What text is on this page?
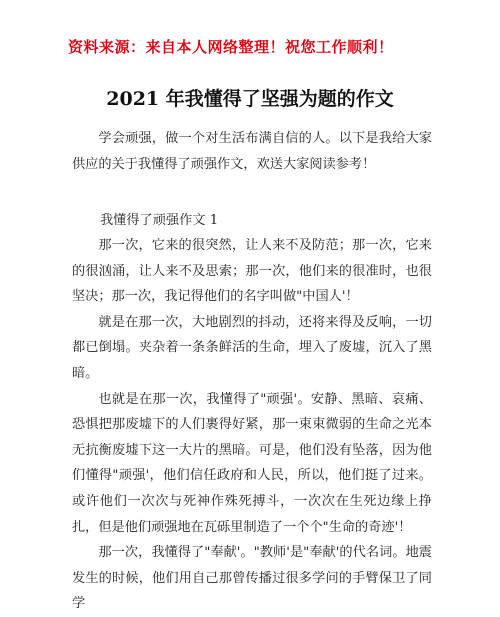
资料来源：来自本人网络整理！祝您工作顺利！
2021 年我懂得了坚强为题的作文

学会顽强，做一个对生活布满自信的人。以下是我给大家供应的关于我懂得了顽强作文，欢送大家阅读参考！

我懂得了顽强作文 1

那一次，它来的很突然，让人来不及防范；那一次，它来的很汹涌，让人来不及思索；那一次，他们来的很准时，也很坚决；那一次，我记得他们的名字叫做"中国人'！

就是在那一次，大地剧烈的抖动，还将来得及反响，一切都已倒塌。夹杂着一条条鲜活的生命，埋入了废墟，沉入了黑暗。

也就是在那一次，我懂得了"顽强'。安静、黑暗、哀痛、恐惧把那废墟下的人们裹得好紧，那一束束微弱的生命之光本无抗衡废墟下这一大片的黑暗。可是，他们没有坠落，因为他们懂得"顽强'，他们信任政府和人民，所以，他们挺了过来。或许他们一次次与死神作殊死搏斗，一次次在生死边缘上挣扎，但是他们顽强地在瓦砾里制造了一个个"生命的奇迹'！

那一次，我懂得了"奉献'。"教师'是"奉献'的代名词。地震发生的时候，他们用自己那曾传播过很多学问的手臂保卫了同学
